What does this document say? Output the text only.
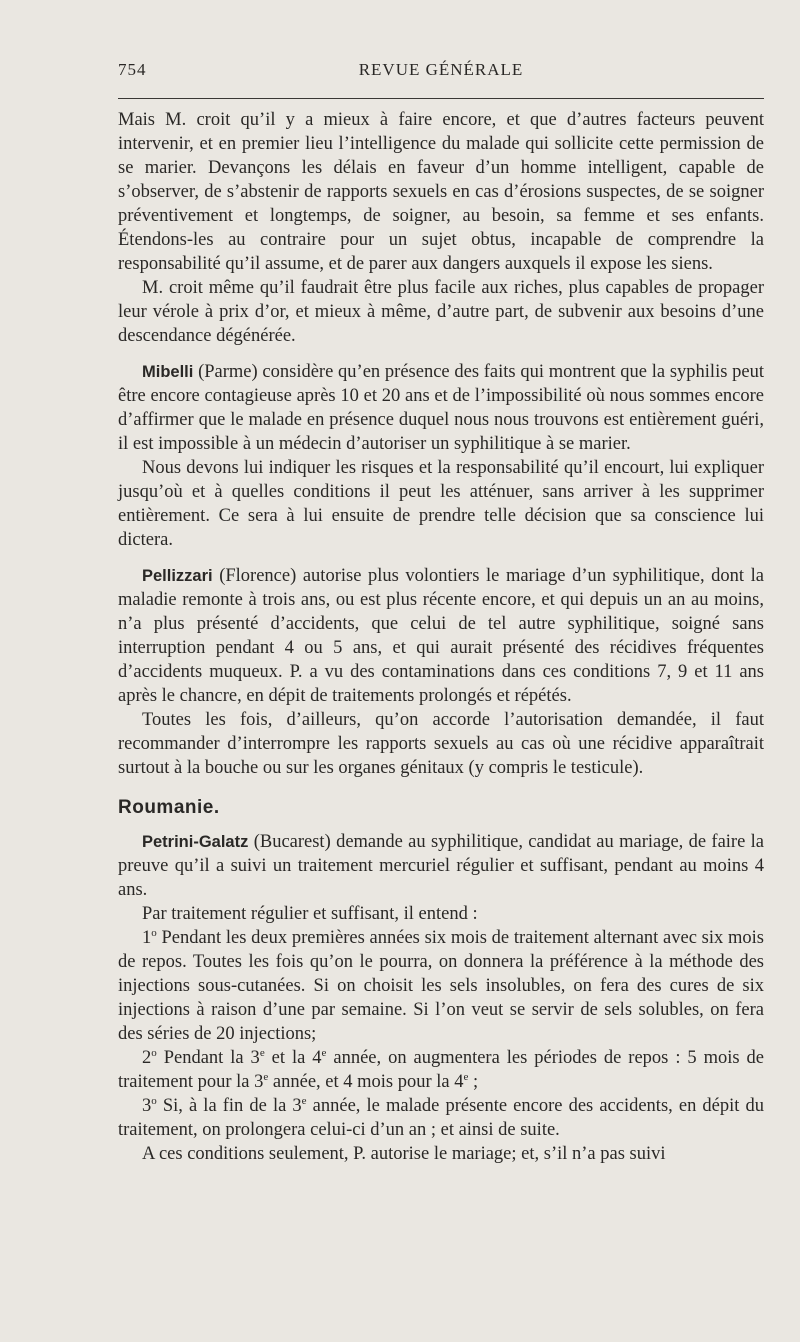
754	REVUE GÉNÉRALE

Mais M. croit qu’il y a mieux à faire encore, et que d’autres facteurs peuvent intervenir, et en premier lieu l’intelligence du malade qui sollicite cette permission de se marier. Devançons les délais en faveur d’un homme intelligent, capable de s’observer, de s’abstenir de rapports sexuels en cas d’érosions suspectes, de se soigner préventivement et longtemps, de soigner, au besoin, sa femme et ses enfants. Étendons-les au contraire pour un sujet obtus, incapable de comprendre la responsabilité qu’il assume, et de parer aux dangers auxquels il expose les siens.

M. croit même qu’il faudrait être plus facile aux riches, plus capables de propager leur vérole à prix d’or, et mieux à même, d’autre part, de subvenir aux besoins d’une descendance dégénérée.

Mibelli (Parme) considère qu’en présence des faits qui montrent que la syphilis peut être encore contagieuse après 10 et 20 ans et de l’impossibilité où nous sommes encore d’affirmer que le malade en présence duquel nous nous trouvons est entièrement guéri, il est impossible à un médecin d’autoriser un syphilitique à se marier.

Nous devons lui indiquer les risques et la responsabilité qu’il encourt, lui expliquer jusqu’où et à quelles conditions il peut les atténuer, sans arriver à les supprimer entièrement. Ce sera à lui ensuite de prendre telle décision que sa conscience lui dictera.

Pellizzari (Florence) autorise plus volontiers le mariage d’un syphilitique, dont la maladie remonte à trois ans, ou est plus récente encore, et qui depuis un an au moins, n’a plus présenté d’accidents, que celui de tel autre syphilitique, soigné sans interruption pendant 4 ou 5 ans, et qui aurait présenté des récidives fréquentes d’accidents muqueux. P. a vu des contaminations dans ces conditions 7, 9 et 11 ans après le chancre, en dépit de traitements prolongés et répétés.

Toutes les fois, d’ailleurs, qu’on accorde l’autorisation demandée, il faut recommander d’interrompre les rapports sexuels au cas où une récidive apparaîtrait surtout à la bouche ou sur les organes génitaux (y compris le testicule).

Roumanie.

Petrini-Galatz (Bucarest) demande au syphilitique, candidat au mariage, de faire la preuve qu’il a suivi un traitement mercuriel régulier et suffisant, pendant au moins 4 ans.

Par traitement régulier et suffisant, il entend :

1$^o$ Pendant les deux premières années six mois de traitement alternant avec six mois de repos. Toutes les fois qu’on le pourra, on donnera la préférence à la méthode des injections sous-cutanées. Si on choisit les sels insolubles, on fera des cures de six injections à raison d’une par semaine. Si l’on veut se servir de sels solubles, on fera des séries de 20 injections;

2$^o$ Pendant la 3e et la 4e année, on augmentera les périodes de repos : 5 mois de traitement pour la 3e année, et 4 mois pour la 4e ;

3$^o$ Si, à la fin de la 3e année, le malade présente encore des accidents, en dépit du traitement, on prolongera celui-ci d’un an ; et ainsi de suite.

A ces conditions seulement, P. autorise le mariage; et, s’il n’a pas suivi
